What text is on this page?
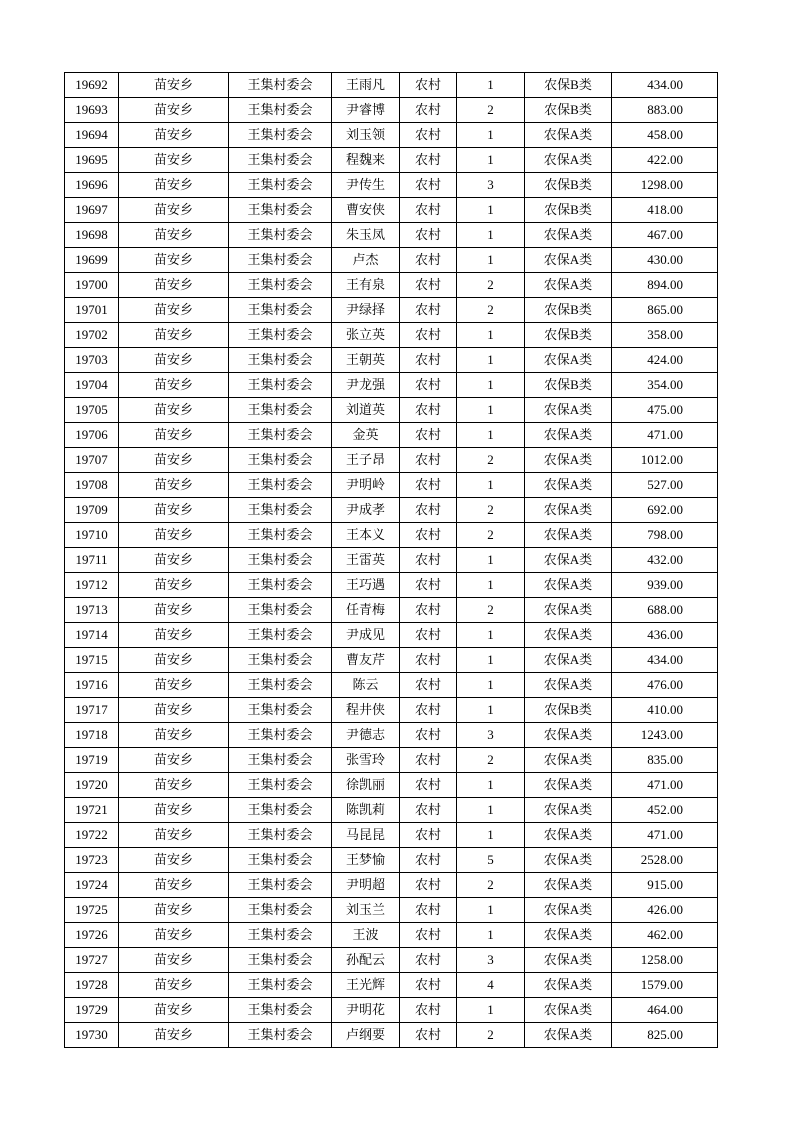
19692	苗安乡	王集村委会	王雨凡	农村	1	农保B类	434.00
19693	苗安乡	王集村委会	尹睿博	农村	2	农保B类	883.00
19694	苗安乡	王集村委会	刘玉领	农村	1	农保A类	458.00
19695	苗安乡	王集村委会	程魏来	农村	1	农保A类	422.00
19696	苗安乡	王集村委会	尹传生	农村	3	农保B类	1298.00
19697	苗安乡	王集村委会	曹安侠	农村	1	农保B类	418.00
19698	苗安乡	王集村委会	朱玉凤	农村	1	农保A类	467.00
19699	苗安乡	王集村委会	卢杰	农村	1	农保A类	430.00
19700	苗安乡	王集村委会	王有泉	农村	2	农保A类	894.00
19701	苗安乡	王集村委会	尹绿择	农村	2	农保B类	865.00
19702	苗安乡	王集村委会	张立英	农村	1	农保B类	358.00
19703	苗安乡	王集村委会	王朝英	农村	1	农保A类	424.00
19704	苗安乡	王集村委会	尹龙强	农村	1	农保B类	354.00
19705	苗安乡	王集村委会	刘道英	农村	1	农保A类	475.00
19706	苗安乡	王集村委会	金英	农村	1	农保A类	471.00
19707	苗安乡	王集村委会	王子昂	农村	2	农保A类	1012.00
19708	苗安乡	王集村委会	尹明岭	农村	1	农保A类	527.00
19709	苗安乡	王集村委会	尹成孝	农村	2	农保A类	692.00
19710	苗安乡	王集村委会	王本义	农村	2	农保A类	798.00
19711	苗安乡	王集村委会	王雷英	农村	1	农保A类	432.00
19712	苗安乡	王集村委会	王巧遇	农村	1	农保A类	939.00
19713	苗安乡	王集村委会	任青梅	农村	2	农保A类	688.00
19714	苗安乡	王集村委会	尹成见	农村	1	农保A类	436.00
19715	苗安乡	王集村委会	曹友芹	农村	1	农保A类	434.00
19716	苗安乡	王集村委会	陈云	农村	1	农保A类	476.00
19717	苗安乡	王集村委会	程井侠	农村	1	农保B类	410.00
19718	苗安乡	王集村委会	尹德志	农村	3	农保A类	1243.00
19719	苗安乡	王集村委会	张雪玲	农村	2	农保A类	835.00
19720	苗安乡	王集村委会	徐凯丽	农村	1	农保A类	471.00
19721	苗安乡	王集村委会	陈凯莉	农村	1	农保A类	452.00
19722	苗安乡	王集村委会	马昆昆	农村	1	农保A类	471.00
19723	苗安乡	王集村委会	王梦愉	农村	5	农保A类	2528.00
19724	苗安乡	王集村委会	尹明超	农村	2	农保A类	915.00
19725	苗安乡	王集村委会	刘玉兰	农村	1	农保A类	426.00
19726	苗安乡	王集村委会	王波	农村	1	农保A类	462.00
19727	苗安乡	王集村委会	孙配云	农村	3	农保A类	1258.00
19728	苗安乡	王集村委会	王光辉	农村	4	农保A类	1579.00
19729	苗安乡	王集村委会	尹明花	农村	1	农保A类	464.00
19730	苗安乡	王集村委会	卢纲要	农村	2	农保A类	825.00
